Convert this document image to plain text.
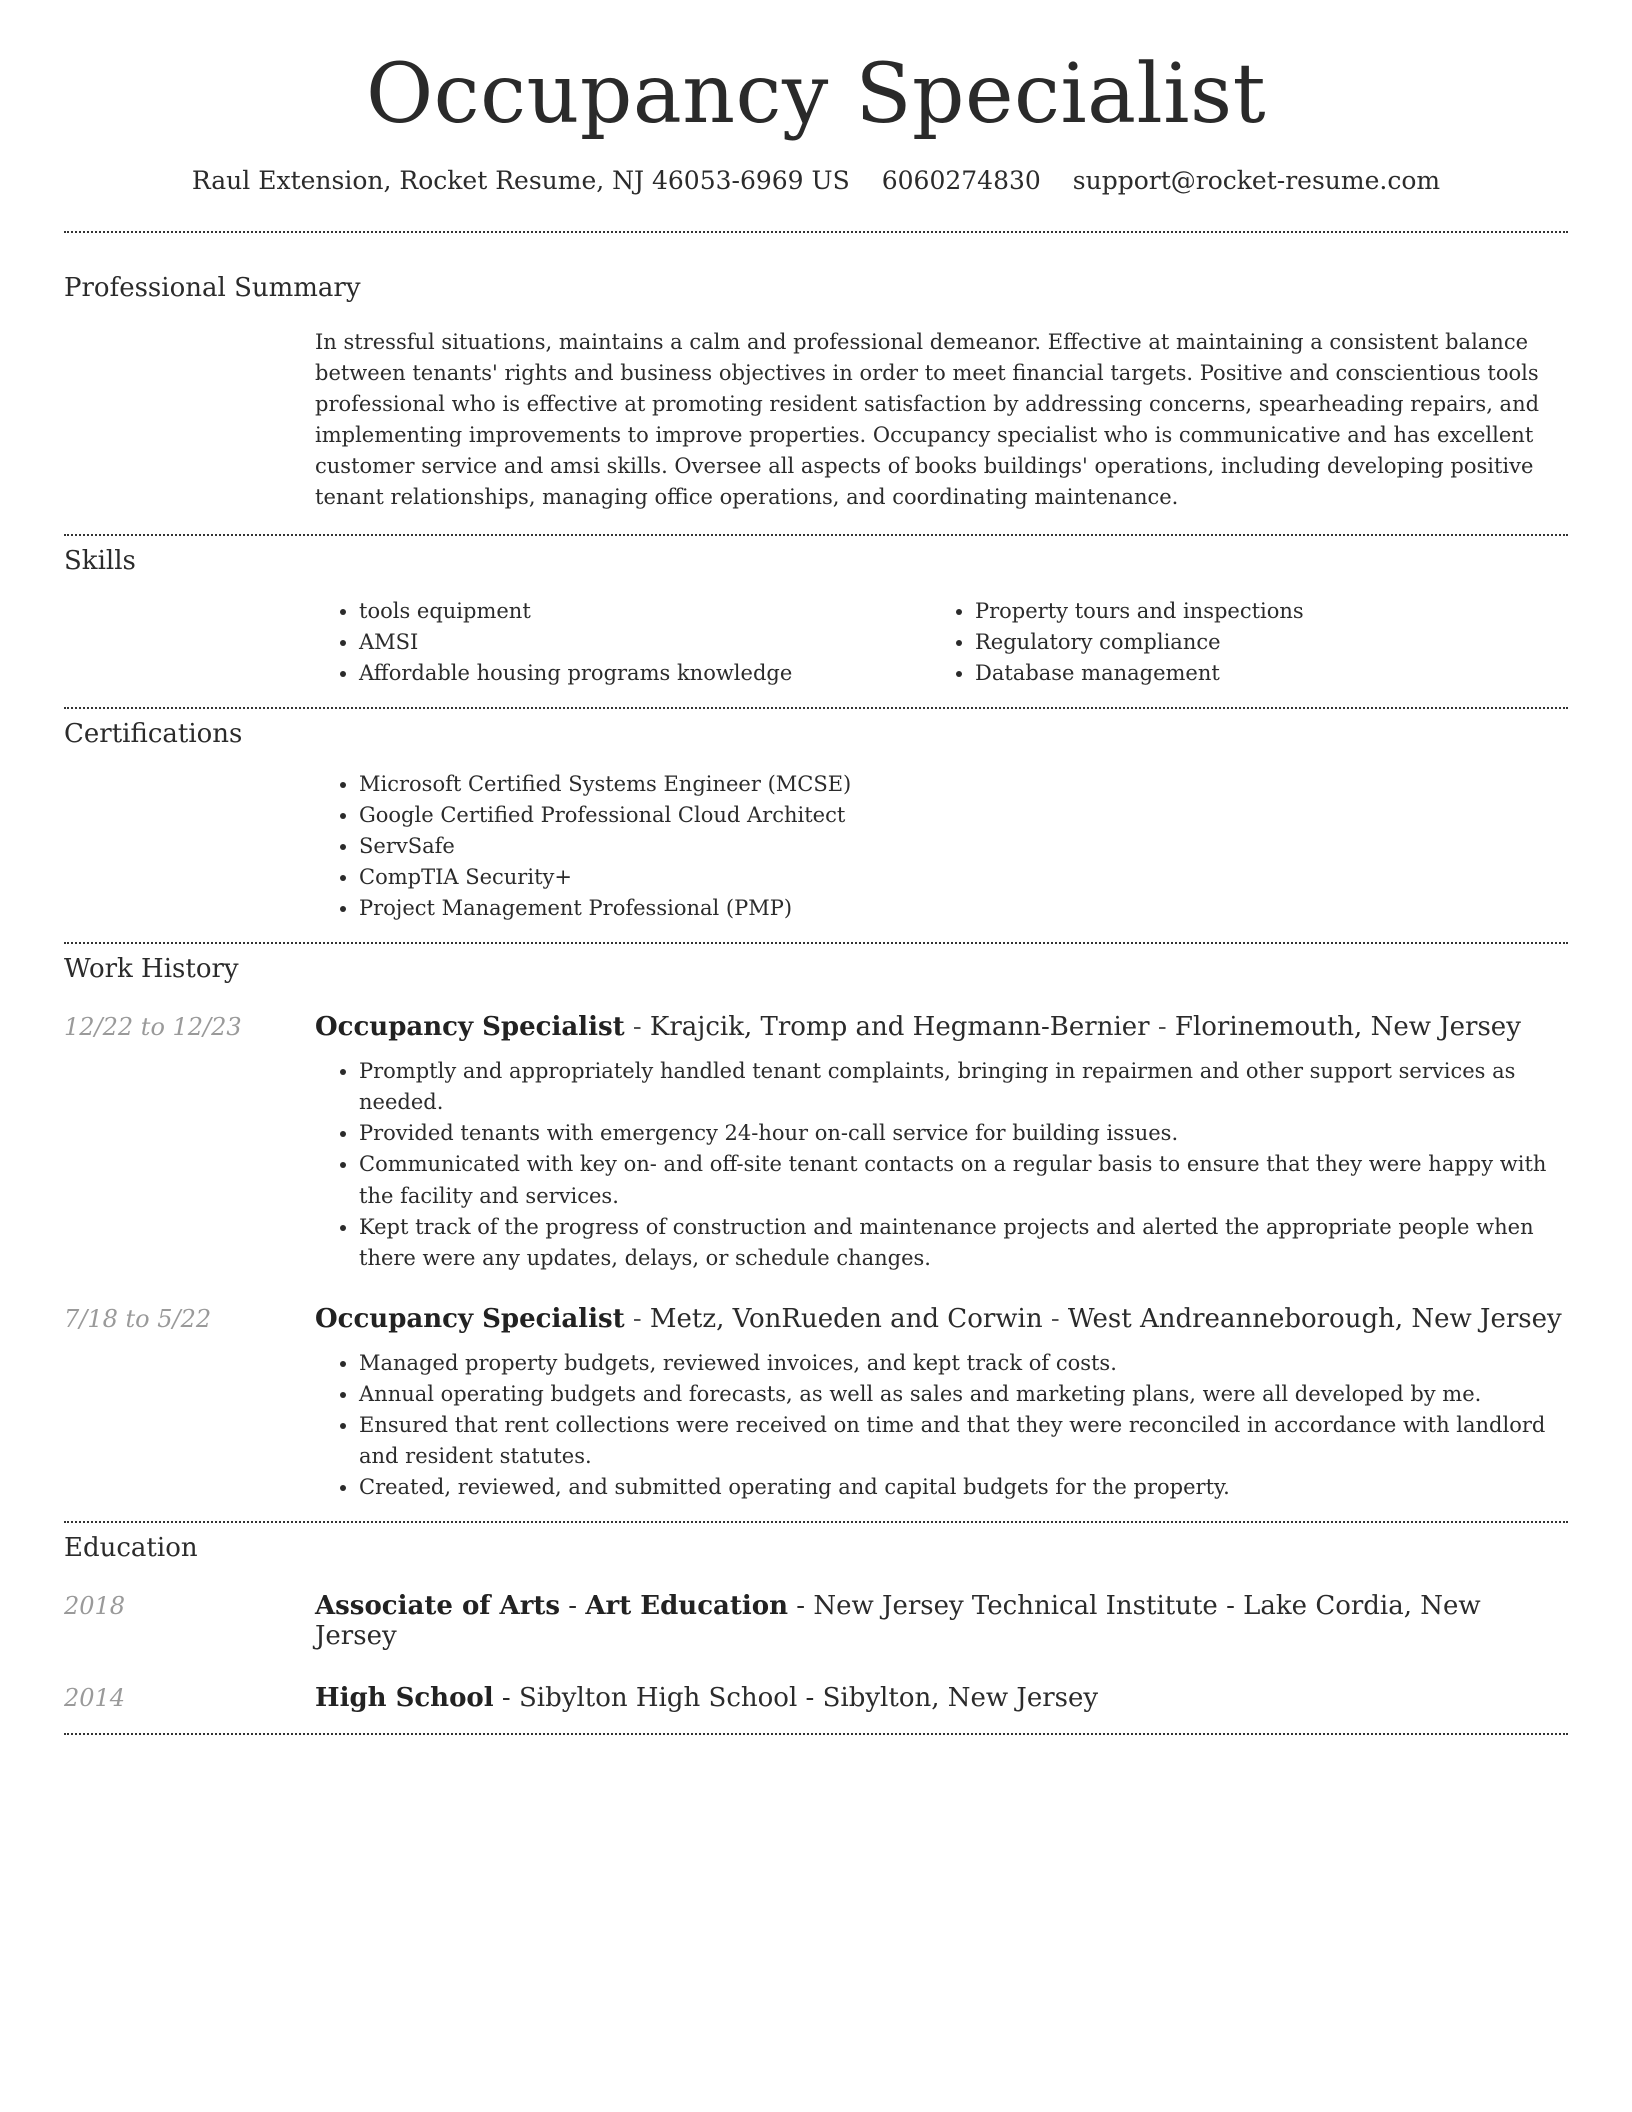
Occupancy Specialist
Raul Extension, Rocket Resume, NJ 46053-6969 US 6060274830 support@rocket-resume.com
Professional Summary

In stressful situations, maintains a calm and professional demeanor. Effective at maintaining a consistent balance between tenants' rights and business objectives in order to meet financial targets. Positive and conscientious tools professional who is effective at promoting resident satisfaction by addressing concerns, spearheading repairs, and implementing improvements to improve properties. Occupancy specialist who is communicative and has excellent customer service and amsi skills. Oversee all aspects of books buildings' operations, including developing positive tenant relationships, managing office operations, and coordinating maintenance.

Skills
• tools equipment
• AMSI
• Affordable housing programs knowledge
• Property tours and inspections
• Regulatory compliance
• Database management
Certifications
• Microsoft Certified Systems Engineer (MCSE)
• Google Certified Professional Cloud Architect
• ServSafe
• CompTIA Security+
• Project Management Professional (PMP)
Work History
12/22 to 12/23	Occupancy Specialist - Krajcik, Tromp and Hegmann-Bernier - Florinemouth, New Jersey
• Promptly and appropriately handled tenant complaints, bringing in repairmen and other support services as needed.
• Provided tenants with emergency 24-hour on-call service for building issues.
• Communicated with key on- and off-site tenant contacts on a regular basis to ensure that they were happy with the facility and services.
• Kept track of the progress of construction and maintenance projects and alerted the appropriate people when there were any updates, delays, or schedule changes.
7/18 to 5/22	Occupancy Specialist - Metz, VonRueden and Corwin - West Andreanneborough, New Jersey
• Managed property budgets, reviewed invoices, and kept track of costs.
• Annual operating budgets and forecasts, as well as sales and marketing plans, were all developed by me.
• Ensured that rent collections were received on time and that they were reconciled in accordance with landlord and resident statutes.
• Created, reviewed, and submitted operating and capital budgets for the property.
Education
2018	Associate of Arts - Art Education - New Jersey Technical Institute - Lake Cordia, New Jersey
2014	High School - Sibylton High School - Sibylton, New Jersey
